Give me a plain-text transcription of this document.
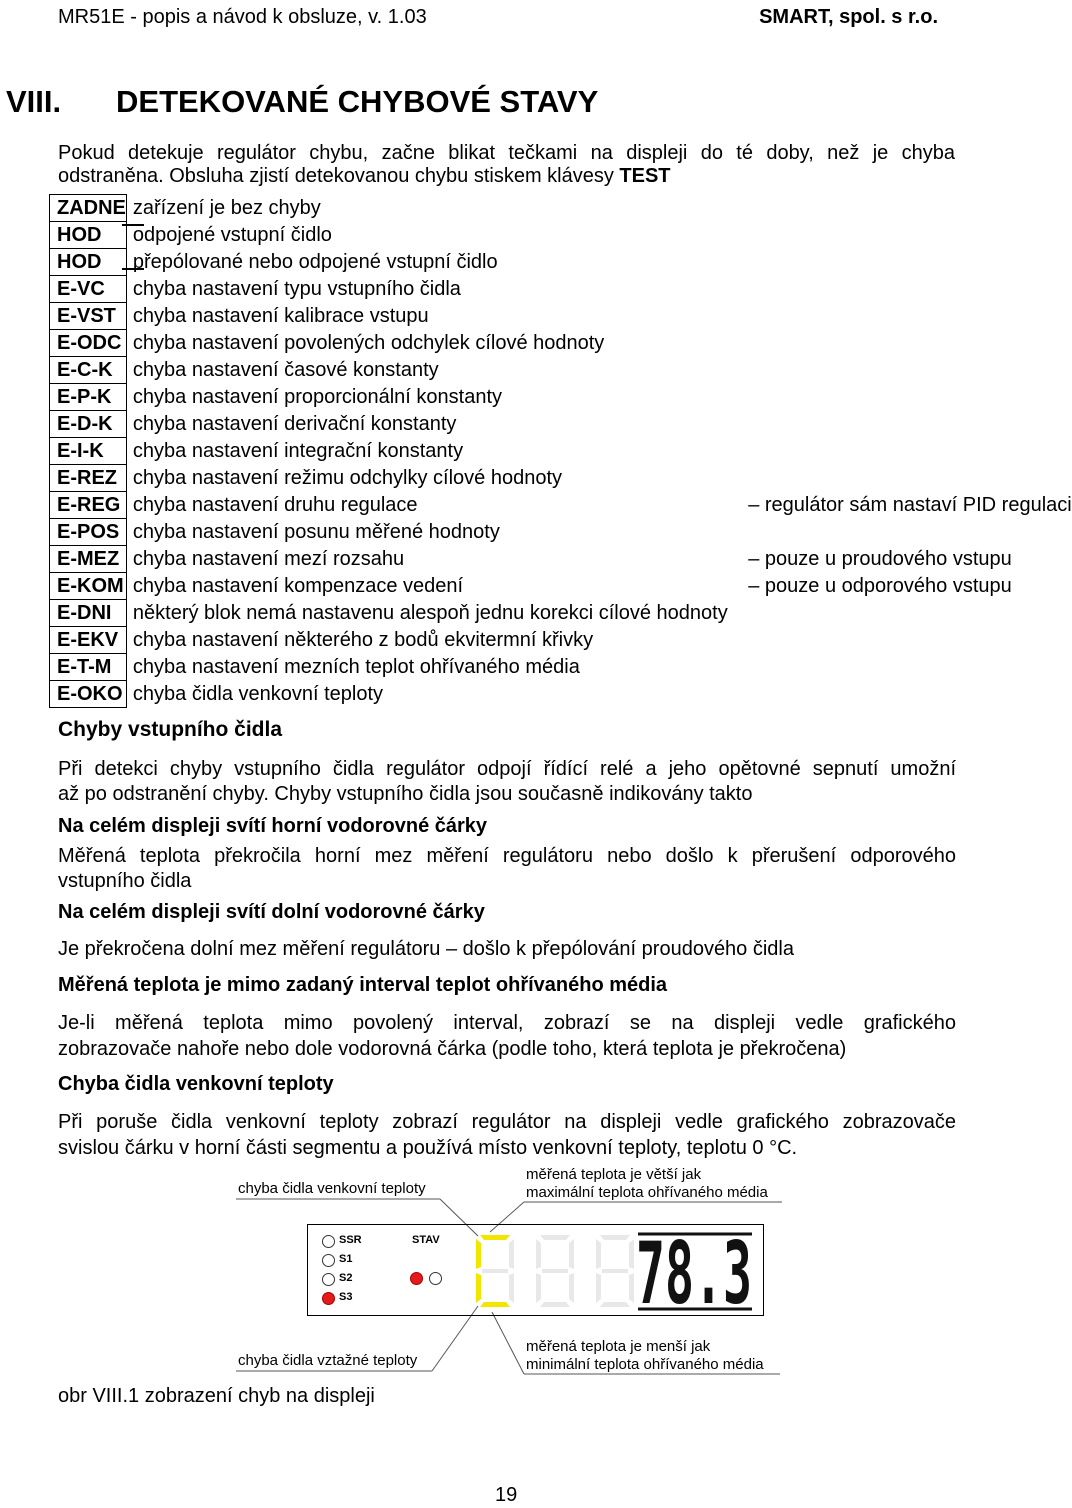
MR51E - popis a návod k obsluze, v. 1.03	SMART, spol. s r.o.
VIII. DETEKOVANÉ CHYBOVÉ STAVY
Pokud detekuje regulátor chybu, začne blikat tečkami na displeji do té doby, než je chyba
odstraněna. Obsluha zjistí detekovanou chybu stiskem klávesy TEST
ZADNE	zařízení je bez chyby	
HOD	odpojené vstupní čidlo	
HOD	přepólované nebo odpojené vstupní čidlo	
E-VC	chyba nastavení typu vstupního čidla	
E-VST	chyba nastavení kalibrace vstupu	
E-ODC	chyba nastavení povolených odchylek cílové hodnoty	
E-C-K	chyba nastavení časové konstanty	
E-P-K	chyba nastavení proporcionální konstanty	
E-D-K	chyba nastavení derivační konstanty	
E-I-K	chyba nastavení integrační konstanty	
E-REZ	chyba nastavení režimu odchylky cílové hodnoty	
E-REG	chyba nastavení druhu regulace	– regulátor sám nastaví PID regulaci
E-POS	chyba nastavení posunu měřené hodnoty	
E-MEZ	chyba nastavení mezí rozsahu	– pouze u proudového vstupu
E-KOM	chyba nastavení kompenzace vedení	– pouze u odporového vstupu
E-DNI	některý blok nemá nastavenu alespoň jednu korekci cílové hodnoty	
E-EKV	chyba nastavení některého z bodů ekvitermní křivky	
E-T-M	chyba nastavení mezních teplot ohřívaného média	
E-OKO	chyba čidla venkovní teploty	
Chyby vstupního čidla
Při detekci chyby vstupního čidla regulátor odpojí řídící relé a jeho opětovné sepnutí umožní
až po odstranění chyby. Chyby vstupního čidla jsou současně indikovány takto
Na celém displeji svítí horní vodorovné čárky
Měřená teplota překročila horní mez měření regulátoru nebo došlo k přerušení odporového
vstupního čidla
Na celém displeji svítí dolní vodorovné čárky
Je překročena dolní mez měření regulátoru – došlo k přepólování proudového čidla
Měřená teplota je mimo zadaný interval teplot ohřívaného média
Je-li měřená teplota mimo povolený interval, zobrazí se na displeji vedle grafického
zobrazovače nahoře nebo dole vodorovná čárka (podle toho, která teplota je překročena)
Chyba čidla venkovní teploty
Při poruše čidla venkovní teploty zobrazí regulátor na displeji vedle grafického zobrazovače
svislou čárku v horní části segmentu a používá místo venkovní teploty, teplotu 0 °C.
chyba čidla venkovní teploty
měřená teplota je větší jak
maximální teplota ohřívaného média
chyba čidla vztažné teploty
měřená teplota je menší jak
minimální teplota ohřívaného média
SSR
S1
S2
S3
STAV 78.3
obr VIII.1 zobrazení chyb na displeji
19
